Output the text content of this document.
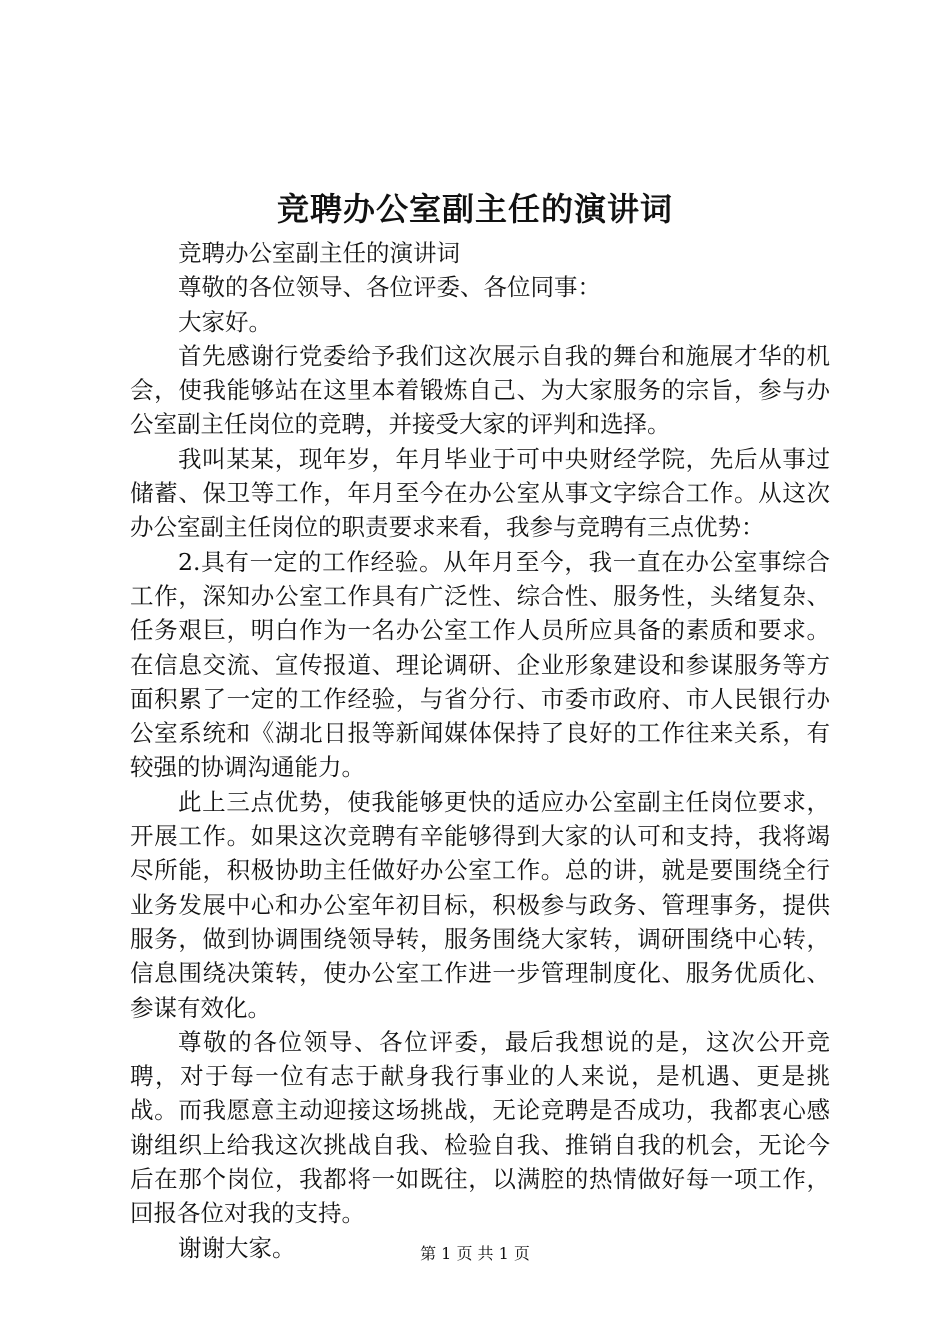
竞聘办公室副主任的演讲词

竞聘办公室副主任的演讲词

尊敬的各位领导、各位评委、各位同事：

大家好。

首先感谢行党委给予我们这次展示自我的舞台和施展才华的机会，使我能够站在这里本着锻炼自己、为大家服务的宗旨，参与办公室副主任岗位的竞聘，并接受大家的评判和选择。

我叫某某，现年岁，年月毕业于可中央财经学院，先后从事过储蓄、保卫等工作，年月至今在办公室从事文字综合工作。从这次办公室副主任岗位的职责要求来看，我参与竞聘有三点优势：

2.具有一定的工作经验。从年月至今，我一直在办公室事综合工作，深知办公室工作具有广泛性、综合性、服务性，头绪复杂、任务艰巨，明白作为一名办公室工作人员所应具备的素质和要求。在信息交流、宣传报道、理论调研、企业形象建设和参谋服务等方面积累了一定的工作经验，与省分行、市委市政府、市人民银行办公室系统和《湖北日报等新闻媒体保持了良好的工作往来关系，有较强的协调沟通能力。

此上三点优势，使我能够更快的适应办公室副主任岗位要求，开展工作。如果这次竞聘有辛能够得到大家的认可和支持，我将竭尽所能，积极协助主任做好办公室工作。总的讲，就是要围绕全行业务发展中心和办公室年初目标，积极参与政务、管理事务，提供服务，做到协调围绕领导转，服务围绕大家转，调研围绕中心转，信息围绕决策转，使办公室工作进一步管理制度化、服务优质化、参谋有效化。

尊敬的各位领导、各位评委，最后我想说的是，这次公开竞聘，对于每一位有志于献身我行事业的人来说，是机遇、更是挑战。而我愿意主动迎接这场挑战，无论竞聘是否成功，我都衷心感谢组织上给我这次挑战自我、检验自我、推销自我的机会，无论今后在那个岗位，我都将一如既往，以满腔的热情做好每一项工作，回报各位对我的支持。

谢谢大家。	第 1 页 共 1 页
